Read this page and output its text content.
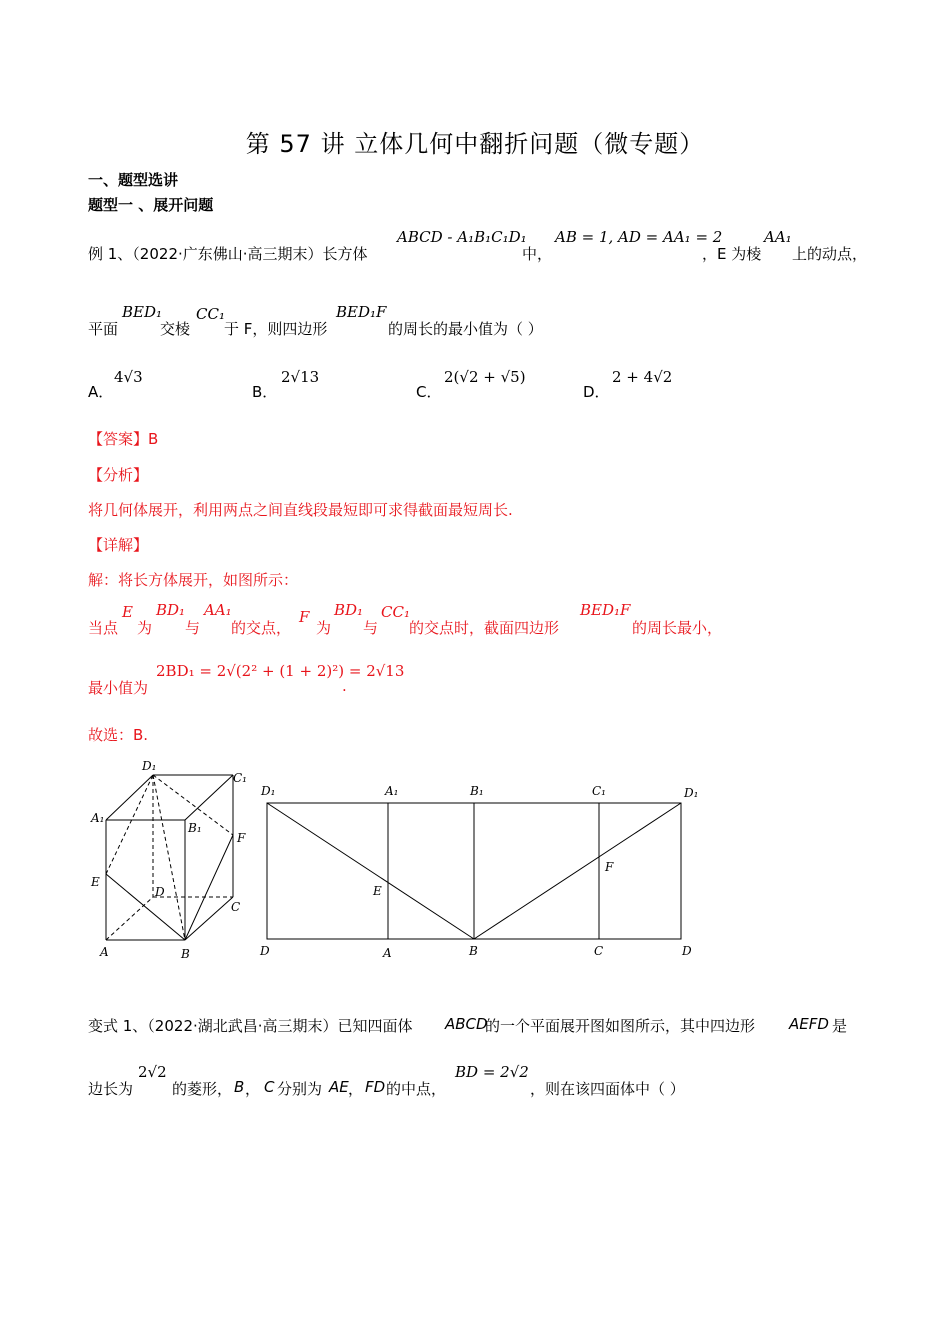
第 57 讲 立体几何中翻折问题（微专题）
一、题型选讲
题型一 、展开问题
例 1、（2022·广东佛山·高三期末）长方体
ABCD - A₁B₁C₁D₁
中，
AB = 1, AD = AA₁ = 2
，E 为棱
AA₁
上的动点，
平面
BED₁
交棱
CC₁
于 F，则四边形
BED₁F
的周长的最小值为（ ）
A．
4√3
B．
2√13
C．
2(√2 + √5)
D．
2 + 4√2
【答案】B
【分析】
将几何体展开，利用两点之间直线段最短即可求得截面最短周长.
【详解】
解：将长方体展开，如图所示：
当点
E
为
BD₁
与
AA₁
的交点，
F
为
BD₁
与
CC₁
的交点时，截面四边形
BED₁F
的周长最小，
最小值为
2BD₁ = 2√(2² + (1 + 2)²) = 2√13
.
故选：B.
D₁
C₁
A₁
B₁
F
E
D
C
A	B
D₁	A₁	B₁	C₁	D₁
D	A	B	C	D
E
F
变式 1、（2022·湖北武昌·高三期末）已知四面体 ABCD
的一个平面展开图如图所示，其中四边形 AEFD 是
边长为
2√2
的菱形， B ， C 分别为 AE ， FD 的中点，
BD = 2√2
，则在该四面体中（ ）
